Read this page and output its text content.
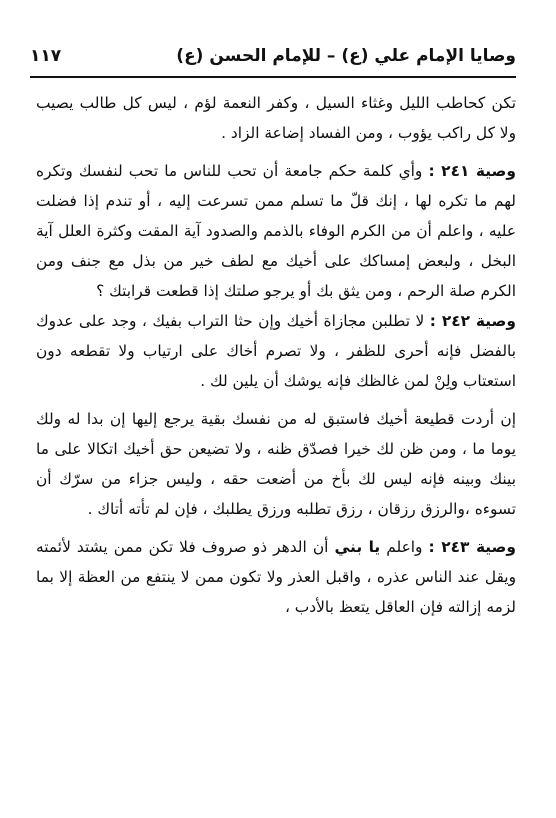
وصايا الإمام علي (ع) – للإمام الحسن (ع)
١١٧

تكن كحاطب الليل وغثاء السيل ، وكفر النعمة لؤم ، ليس كل طالب يصيب ولا كل راكب يؤوب ، ومن الفساد إضاعة الزاد .

وصية ٢٤١ : وأي كلمة حكم جامعة أن تحب للناس ما تحب لنفسك وتكره لهم ما تكره لها ، إنك قلّ ما تسلم ممن تسرعت إليه ، أو تندم إذا فضلت عليه ، واعلم أن من الكرم الوفاء بالذمم والصدود آية المقت وكثرة العلل آية البخل ، ولبعض إمساكك على أخيك مع لطف خير من بذل مع جنف ومن الكرم صلة الرحم ، ومن يثق بك أو يرجو صلتك إذا قطعت قرابتك ؟

وصية ٢٤٢ : لا تطلبن مجازاة أخيك وإن حثا التراب بفيك ، وجد على عدوك بالفضل فإنه أحرى للظفر ، ولا تصرم أخاك على ارتياب ولا تقطعه دون استعتاب ولِنْ لمن غالظك فإنه يوشك أن يلين لك .

إن أردت قطيعة أخيك فاستبق له من نفسك بقية يرجع إليها إن بدا له ولك يوما ما ، ومن ظن لك خيرا فصدّق ظنه ، ولا تضيعن حق أخيك اتكالا على ما بينك وبينه فإنه ليس لك بأخ من أضعت حقه ، وليس جزاء من سرّك أن تسوءه ،والرزق رزقان ، رزق تطلبه ورزق يطلبك ، فإن لم تأته أتاك .

وصية ٢٤٣ : واعلم يا بني أن الدهر ذو صروف فلا تكن ممن يشتد لأئمته ويقل عند الناس عذره ، واقبل العذر ولا تكون ممن لا ينتفع من العظة إلا بما لزمه إزالته فإن العاقل يتعظ بالأدب ،
